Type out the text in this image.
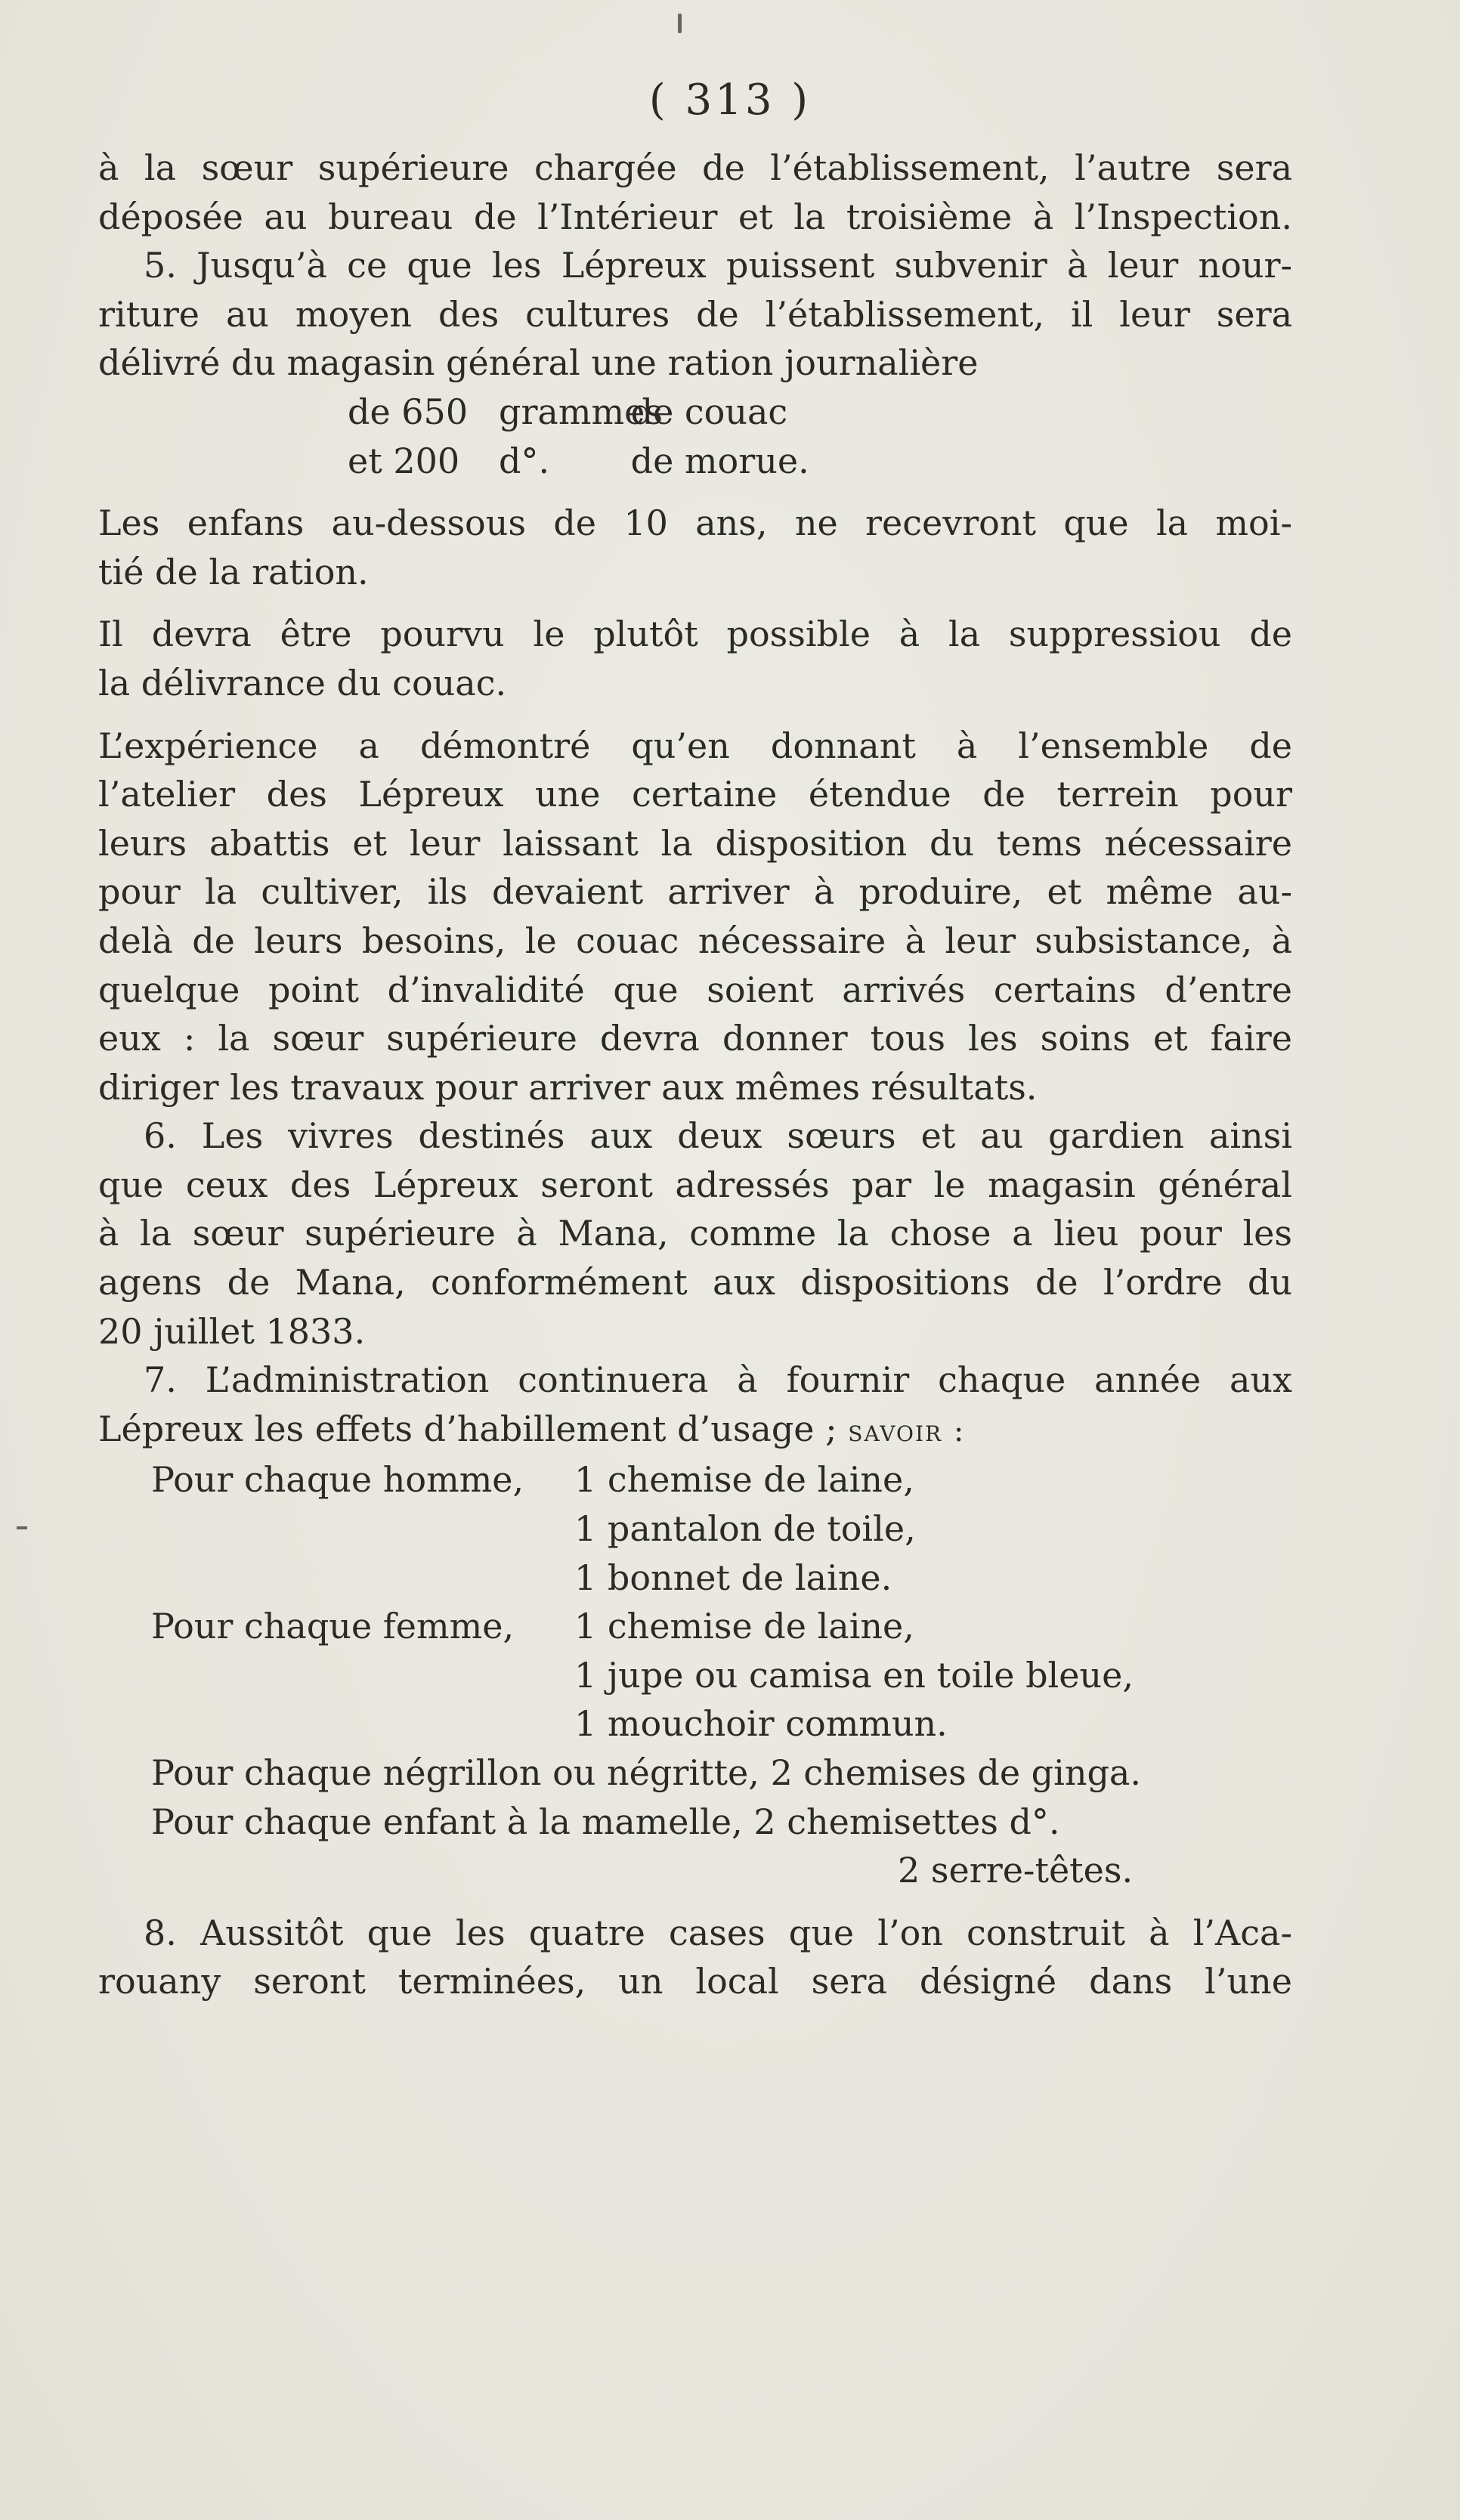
( 313 )
à la sœur supérieure chargée de l’établissement, l’autre sera
déposée au bureau de l’Intérieur et la troisième à l’Inspection.
5. Jusqu’à ce que les Lépreux puissent subvenir à leur nour-
riture au moyen des cultures de l’établissement, il leur sera
délivré du magasin général une ration journalière
de 650 grammes de couac
et 200 d°. de morue.
Les enfans au-dessous de 10 ans, ne recevront que la moi-
tié de la ration.
Il devra être pourvu le plutôt possible à la suppressiou de
la délivrance du couac.
L’expérience a démontré qu’en donnant à l’ensemble de
l’atelier des Lépreux une certaine étendue de terrein pour
leurs abattis et leur laissant la disposition du tems nécessaire
pour la cultiver, ils devaient arriver à produire, et même au-
delà de leurs besoins, le couac nécessaire à leur subsistance, à
quelque point d’invalidité que soient arrivés certains d’entre
eux : la sœur supérieure devra donner tous les soins et faire
diriger les travaux pour arriver aux mêmes résultats.
6. Les vivres destinés aux deux sœurs et au gardien ainsi
que ceux des Lépreux seront adressés par le magasin général
à la sœur supérieure à Mana, comme la chose a lieu pour les
agens de Mana, conformément aux dispositions de l’ordre du
20 juillet 1833.
7. L’administration continuera à fournir chaque année aux
Lépreux les effets d’habillement d’usage ; savoir :
Pour chaque homme, 1 chemise de laine,
1 pantalon de toile,
1 bonnet de laine.
Pour chaque femme, 1 chemise de laine,
1 jupe ou camisa en toile bleue,
1 mouchoir commun.
Pour chaque négrillon ou négritte, 2 chemises de ginga.
Pour chaque enfant à la mamelle, 2 chemisettes d°.
2 serre-têtes.
8. Aussitôt que les quatre cases que l’on construit à l’Aca-
rouany seront terminées, un local sera désigné dans l’une
